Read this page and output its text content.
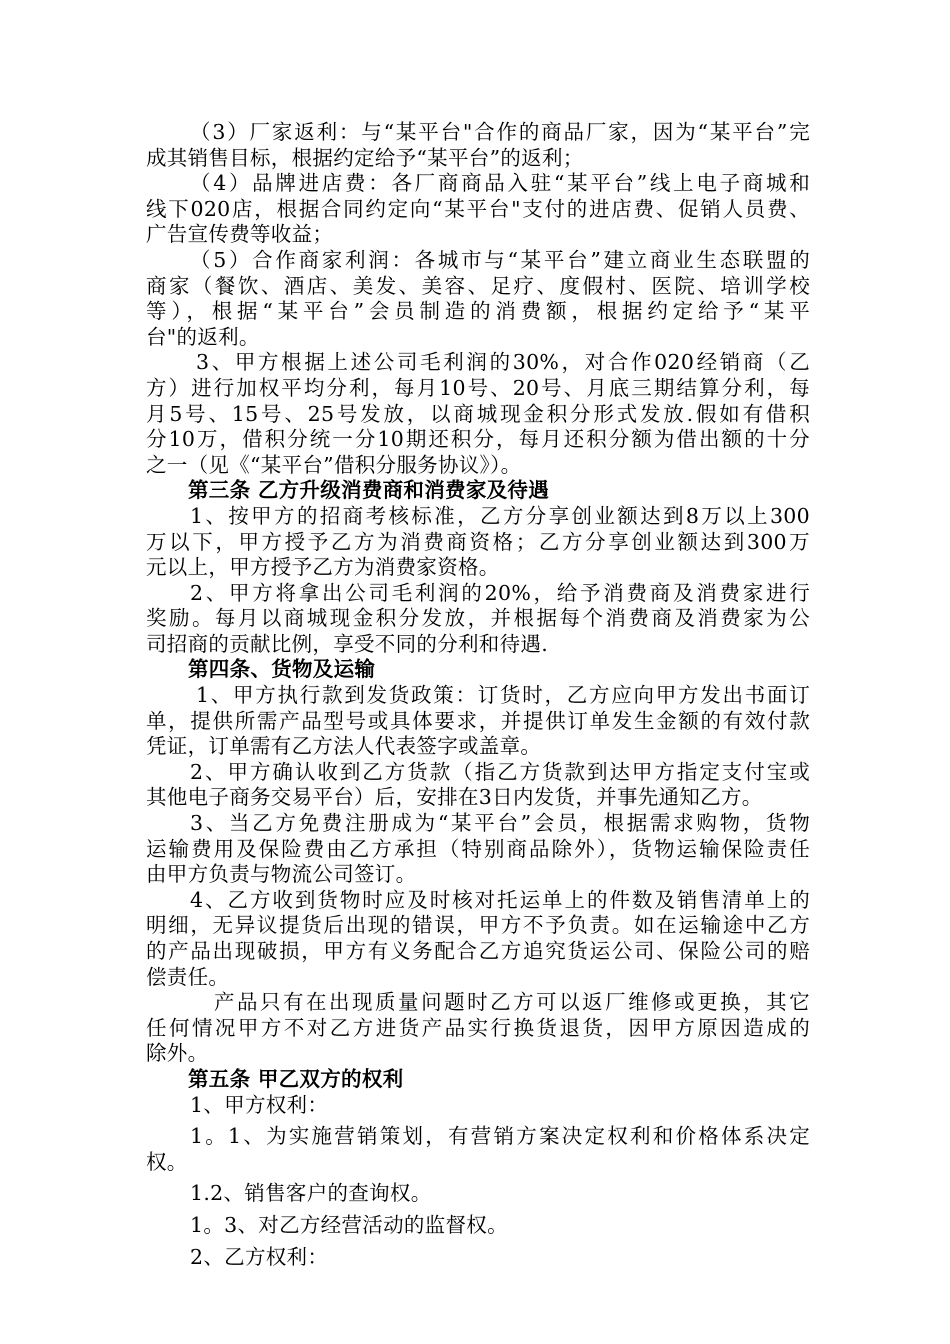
（3）厂家返利：与“某平台"合作的商品厂家，因为“某平台”完
成其销售目标，根据约定给予“某平台”的返利；
（4）品牌进店费：各厂商商品入驻“某平台”线上电子商城和
线下020店，根据合同约定向“某平台"支付的进店费、促销人员费、
广告宣传费等收益；
（5）合作商家利润：各城市与“某平台”建立商业生态联盟的
商家（餐饮、酒店、美发、美容、足疗、度假村、医院、培训学校
等），根据“某平台”会员制造的消费额，根据约定给予“某平
台"的返利。
3、甲方根据上述公司毛利润的30%，对合作020经销商（乙
方）进行加权平均分利，每月10号、20号、月底三期结算分利，每
月5号、15号、25号发放，以商城现金积分形式发放.假如有借积
分10万，借积分统一分10期还积分，每月还积分额为借出额的十分
之一（见《“某平台”借积分服务协议》）。
第三条 乙方升级消费商和消费家及待遇
1、按甲方的招商考核标准，乙方分享创业额达到8万以上300
万以下，甲方授予乙方为消费商资格；乙方分享创业额达到300万
元以上，甲方授予乙方为消费家资格。
2、甲方将拿出公司毛利润的20%，给予消费商及消费家进行
奖励。每月以商城现金积分发放，并根据每个消费商及消费家为公
司招商的贡献比例，享受不同的分利和待遇.
第四条、货物及运输
1、甲方执行款到发货政策：订货时，乙方应向甲方发出书面订
单，提供所需产品型号或具体要求，并提供订单发生金额的有效付款
凭证，订单需有乙方法人代表签字或盖章。
2、甲方确认收到乙方货款（指乙方货款到达甲方指定支付宝或
其他电子商务交易平台）后，安排在3日内发货，并事先通知乙方。
3、当乙方免费注册成为“某平台”会员，根据需求购物，货物
运输费用及保险费由乙方承担（特别商品除外），货物运输保险责任
由甲方负责与物流公司签订。
4、乙方收到货物时应及时核对托运单上的件数及销售清单上的
明细，无异议提货后出现的错误，甲方不予负责。如在运输途中乙方
的产品出现破损，甲方有义务配合乙方追究货运公司、保险公司的赔
偿责任。
产品只有在出现质量问题时乙方可以返厂维修或更换，其它
任何情况甲方不对乙方进货产品实行换货退货，因甲方原因造成的
除外。
第五条 甲乙双方的权利
1、甲方权利：
1。1、为实施营销策划，有营销方案决定权利和价格体系决定
权。
1.2、销售客户的查询权。
1。3、对乙方经营活动的监督权。
2、乙方权利：
